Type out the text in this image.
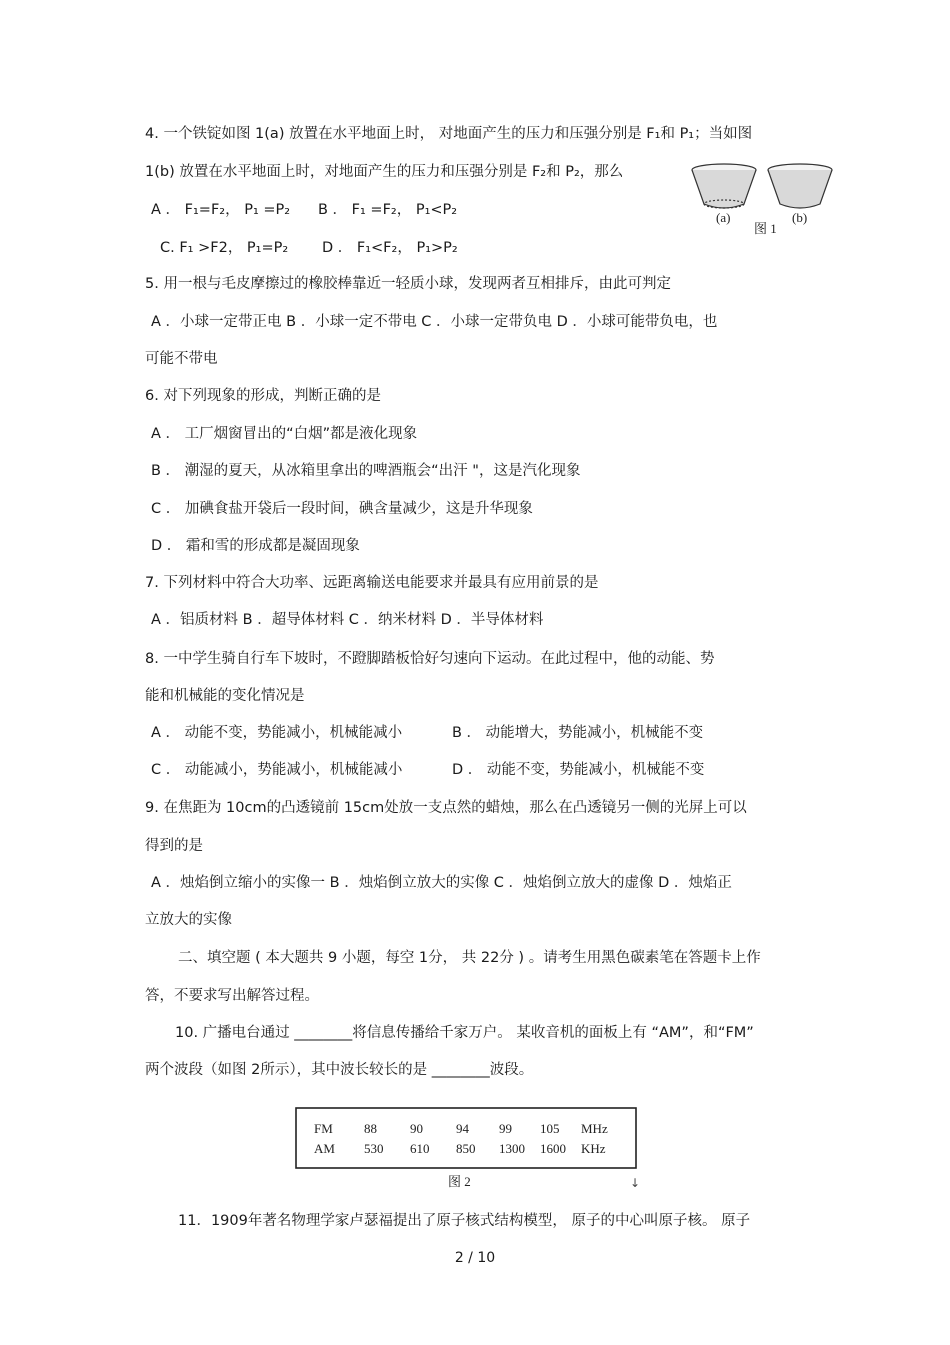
4. 一个铁锭如图 1(a) 放置在水平地面上时， 对地面产生的压力和压强分别是 F₁和 P₁；当如图
1(b) 放置在水平地面上时，对地面产生的压力和压强分别是 F₂和 P₂，那么
A ． F₁=F₂， P₁ =P₂ B ． F₁ =F₂， P₁<P₂
C. F₁ >F2， P₁=P₂ D ． F₁<F₂， P₁>P₂
(a)	(b)
图 1
5. 用一根与毛皮摩擦过的橡胶棒靠近一轻质小球，发现两者互相排斥，由此可判定
A ．小球一定带正电 B ．小球一定不带电 C ．小球一定带负电 D ．小球可能带负电，也
可能不带电
6. 对下列现象的形成，判断正确的是
A ． 工厂烟窗冒出的“白烟”都是液化现象
B ． 潮湿的夏天，从冰箱里拿出的啤酒瓶会“出汗 "，这是汽化现象
C ． 加碘食盐开袋后一段时间，碘含量减少，这是升华现象
D ． 霜和雪的形成都是凝固现象
7. 下列材料中符合大功率、远距离输送电能要求并最具有应用前景的是
A ．铝质材料 B ．超导体材料 C ．纳米材料 D ．半导体材料
8. 一中学生骑自行车下坡时，不蹬脚踏板恰好匀速向下运动。在此过程中，他的动能、势
能和机械能的变化情况是
A ． 动能不变，势能减小，机械能减小	B ． 动能增大，势能减小，机械能不变
C ． 动能减小，势能减小，机械能减小	D ． 动能不变，势能减小，机械能不变
9. 在焦距为 10cm的凸透镜前 15cm处放一支点然的蜡烛，那么在凸透镜另一侧的光屏上可以
得到的是
A ．烛焰倒立缩小的实像一 B ．烛焰倒立放大的实像 C ．烛焰倒立放大的虚像 D ．烛焰正
立放大的实像
二、填空题 ( 本大题共 9 小题，每空 1分， 共 22分 ) 。请考生用黑色碳素笔在答题卡上作
答，不要求写出解答过程。
10. 广播电台通过 ________将信息传播给千家万户。 某收音机的面板上有 “AM”，和“FM”
两个波段（如图 2所示），其中波长较长的是 ________波段。
FM 88	90	94 99 105 MHz
AM 530 610 850 1300 1600 KHz
图 2	↓
11．1909年著名物理学家卢瑟福提出了原子核式结构模型， 原子的中心叫原子核。 原子
2 / 10
